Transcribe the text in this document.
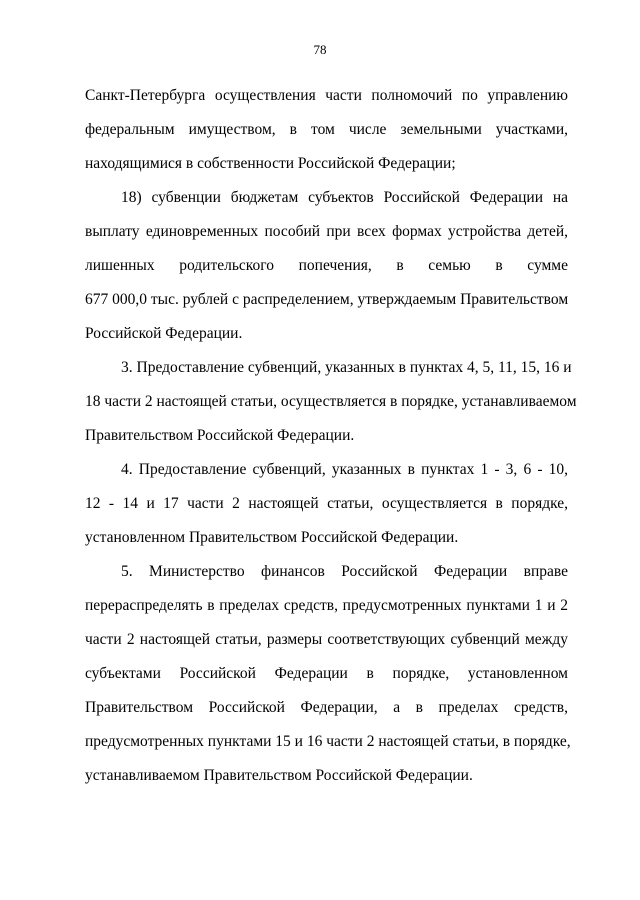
78
Санкт-Петербурга осуществления части полномочий по управлению
федеральным имуществом, в том числе земельными участками,
находящимися в собственности Российской Федерации;
18) субвенции бюджетам субъектов Российской Федерации на
выплату единовременных пособий при всех формах устройства детей,
лишенных родительского попечения, в семью в сумме
677 000,0 тыс. рублей с распределением, утверждаемым Правительством
Российской Федерации.
3. Предоставление субвенций, указанных в пунктах 4, 5, 11, 15, 16 и
18 части 2 настоящей статьи, осуществляется в порядке, устанавливаемом
Правительством Российской Федерации.
4. Предоставление субвенций, указанных в пунктах 1 - 3, 6 - 10,
12 - 14 и 17 части 2 настоящей статьи, осуществляется в порядке,
установленном Правительством Российской Федерации.
5. Министерство финансов Российской Федерации вправе
перераспределять в пределах средств, предусмотренных пунктами 1 и 2
части 2 настоящей статьи, размеры соответствующих субвенций между
субъектами Российской Федерации в порядке, установленном
Правительством Российской Федерации, а в пределах средств,
предусмотренных пунктами 15 и 16 части 2 настоящей статьи, в порядке,
устанавливаемом Правительством Российской Федерации.
